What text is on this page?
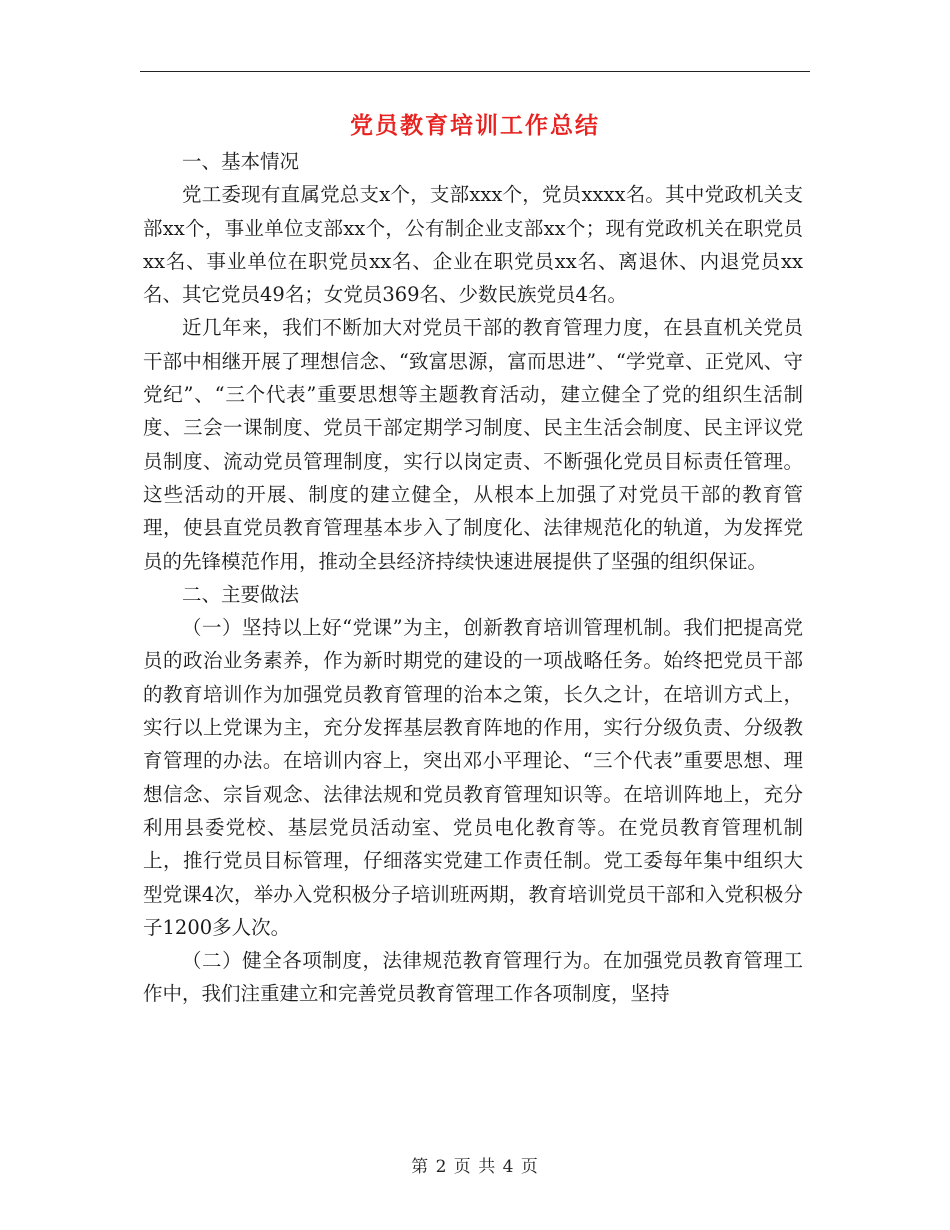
党员教育培训工作总结

一、基本情况

党工委现有直属党总支x个，支部xxx个，党员xxxx名。其中党政机关支部xx个，事业单位支部xx个，公有制企业支部xx个；现有党政机关在职党员xx名、事业单位在职党员xx名、企业在职党员xx名、离退休、内退党员xx名、其它党员49名；女党员369名、少数民族党员4名。

近几年来，我们不断加大对党员干部的教育管理力度，在县直机关党员干部中相继开展了理想信念、“致富思源，富而思进”、“学党章、正党风、守党纪”、“三个代表”重要思想等主题教育活动，建立健全了党的组织生活制度、三会一课制度、党员干部定期学习制度、民主生活会制度、民主评议党员制度、流动党员管理制度，实行以岗定责、不断强化党员目标责任管理。这些活动的开展、制度的建立健全，从根本上加强了对党员干部的教育管理，使县直党员教育管理基本步入了制度化、法律规范化的轨道，为发挥党员的先锋模范作用，推动全县经济持续快速进展提供了坚强的组织保证。

二、主要做法

（一）坚持以上好“党课”为主，创新教育培训管理机制。我们把提高党员的政治业务素养，作为新时期党的建设的一项战略任务。始终把党员干部的教育培训作为加强党员教育管理的治本之策，长久之计，在培训方式上，实行以上党课为主，充分发挥基层教育阵地的作用，实行分级负责、分级教育管理的办法。在培训内容上，突出邓小平理论、“三个代表”重要思想、理想信念、宗旨观念、法律法规和党员教育管理知识等。在培训阵地上，充分利用县委党校、基层党员活动室、党员电化教育等。在党员教育管理机制上，推行党员目标管理，仔细落实党建工作责任制。党工委每年集中组织大型党课4次，举办入党积极分子培训班两期，教育培训党员干部和入党积极分子1200多人次。

（二）健全各项制度，法律规范教育管理行为。在加强党员教育管理工作中，我们注重建立和完善党员教育管理工作各项制度，坚持

第 2 页 共 4 页
